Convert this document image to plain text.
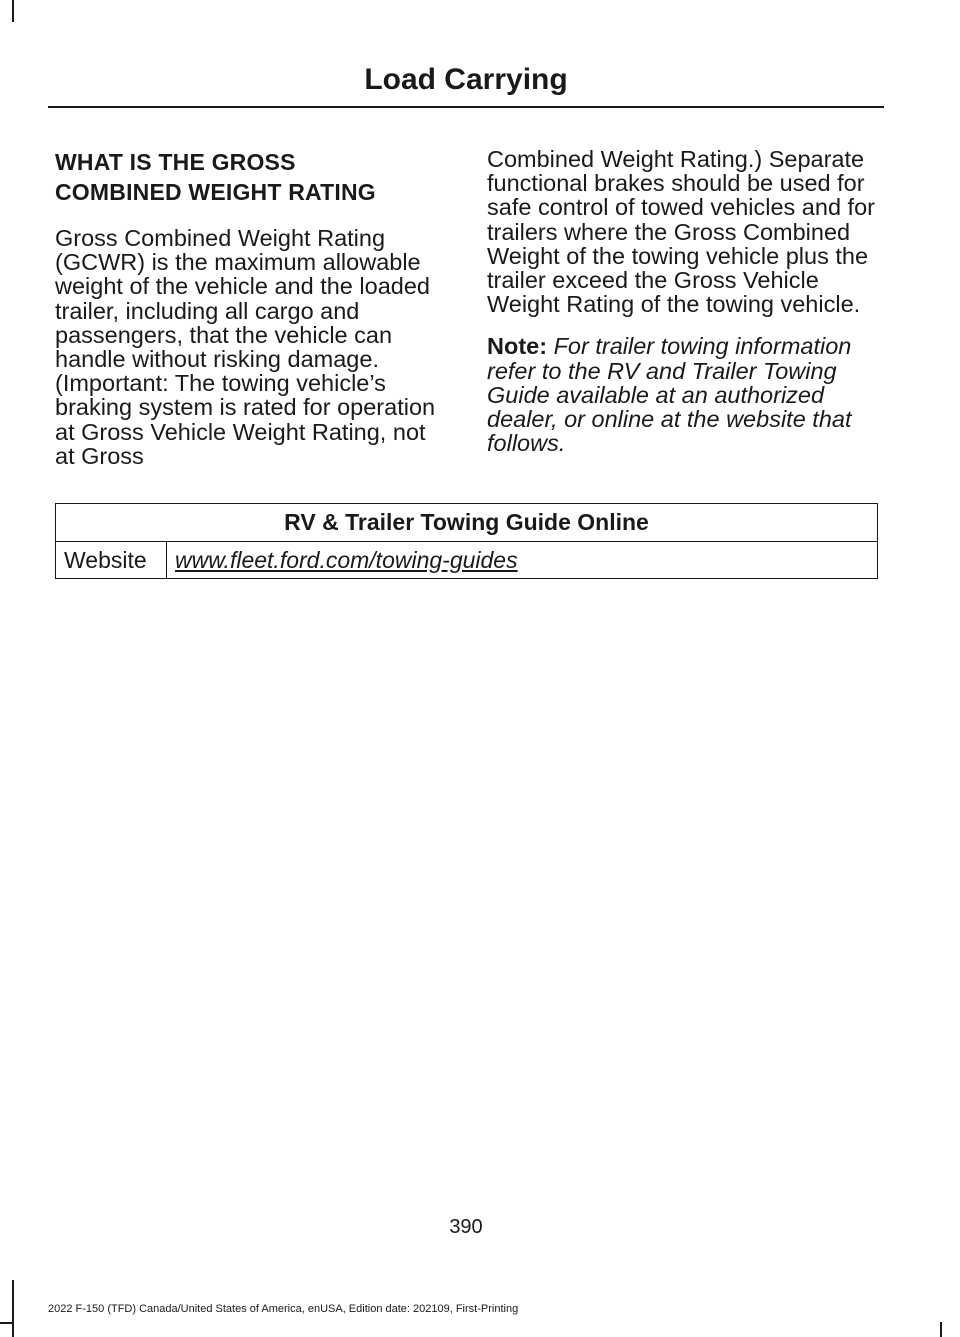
Load Carrying
WHAT IS THE GROSS
COMBINED WEIGHT RATING

Gross Combined Weight Rating (GCWR) is the maximum allowable weight of the vehicle and the loaded trailer, including all cargo and passengers, that the vehicle can handle without risking damage. (Important: The towing vehicle’s braking system is rated for operation at Gross Vehicle Weight Rating, not at Gross

Combined Weight Rating.) Separate functional brakes should be used for safe control of towed vehicles and for trailers where the Gross Combined Weight of the towing vehicle plus the trailer exceed the Gross Vehicle Weight Rating of the towing vehicle.

Note: For trailer towing information refer to the RV and Trailer Towing Guide available at an authorized dealer, or online at the website that follows.

RV & Trailer Towing Guide Online
Website	www.fleet.ford.com/towing-guides
390
2022 F-150 (TFD) Canada/United States of America, enUSA, Edition date: 202109, First-Printing
